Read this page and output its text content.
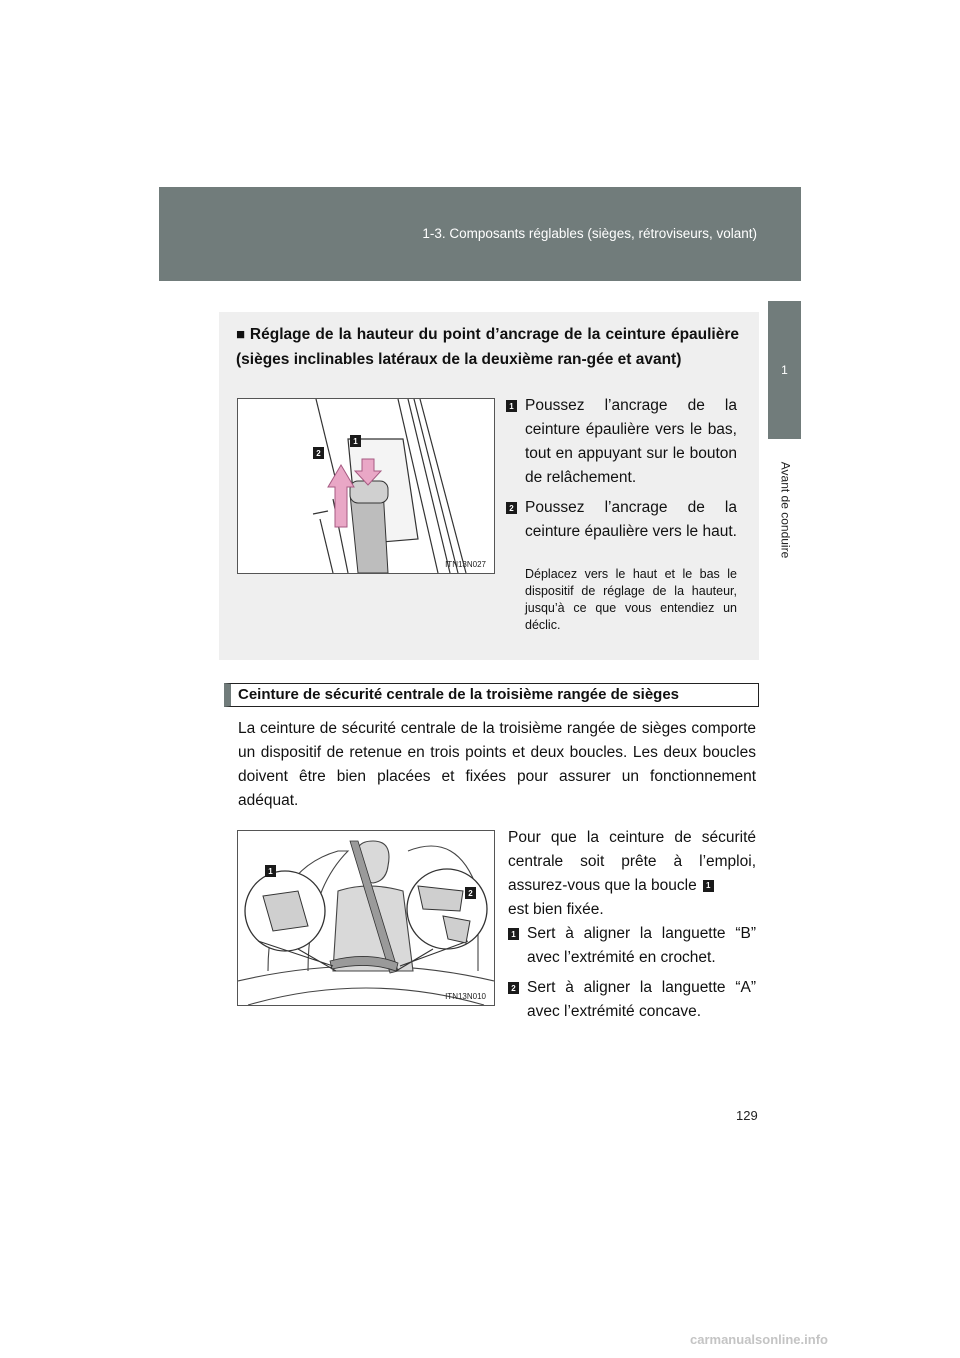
1-3. Composants réglables (sièges, rétroviseurs, volant)
1
Avant de conduire
■ Réglage de la hauteur du point d’ancrage de la ceinture épaulière (sièges inclinables latéraux de la deuxième ran-gée et avant)
2
1
ITN13N027
1 Poussez l’ancrage de la ceinture épaulière vers le bas, tout en appuyant sur le bouton de relâchement.
2 Poussez l’ancrage de la ceinture épaulière vers le haut.
Déplacez vers le haut et le bas le dispositif de réglage de la hauteur, jusqu’à ce que vous entendiez un déclic.
Ceinture de sécurité centrale de la troisième rangée de sièges
La ceinture de sécurité centrale de la troisième rangée de sièges comporte un dispositif de retenue en trois points et deux boucles. Les deux boucles doivent être bien placées et fixées pour assurer un fonctionnement adéquat.
1
2
ITN13N010
Pour que la ceinture de sécurité centrale soit prête à l’emploi, assurez-vous que la boucle 1
est bien fixée.
1 Sert à aligner la languette “B” avec l’extrémité en crochet.
2 Sert à aligner la languette “A” avec l’extrémité concave.
129
carmanualsonline.info
